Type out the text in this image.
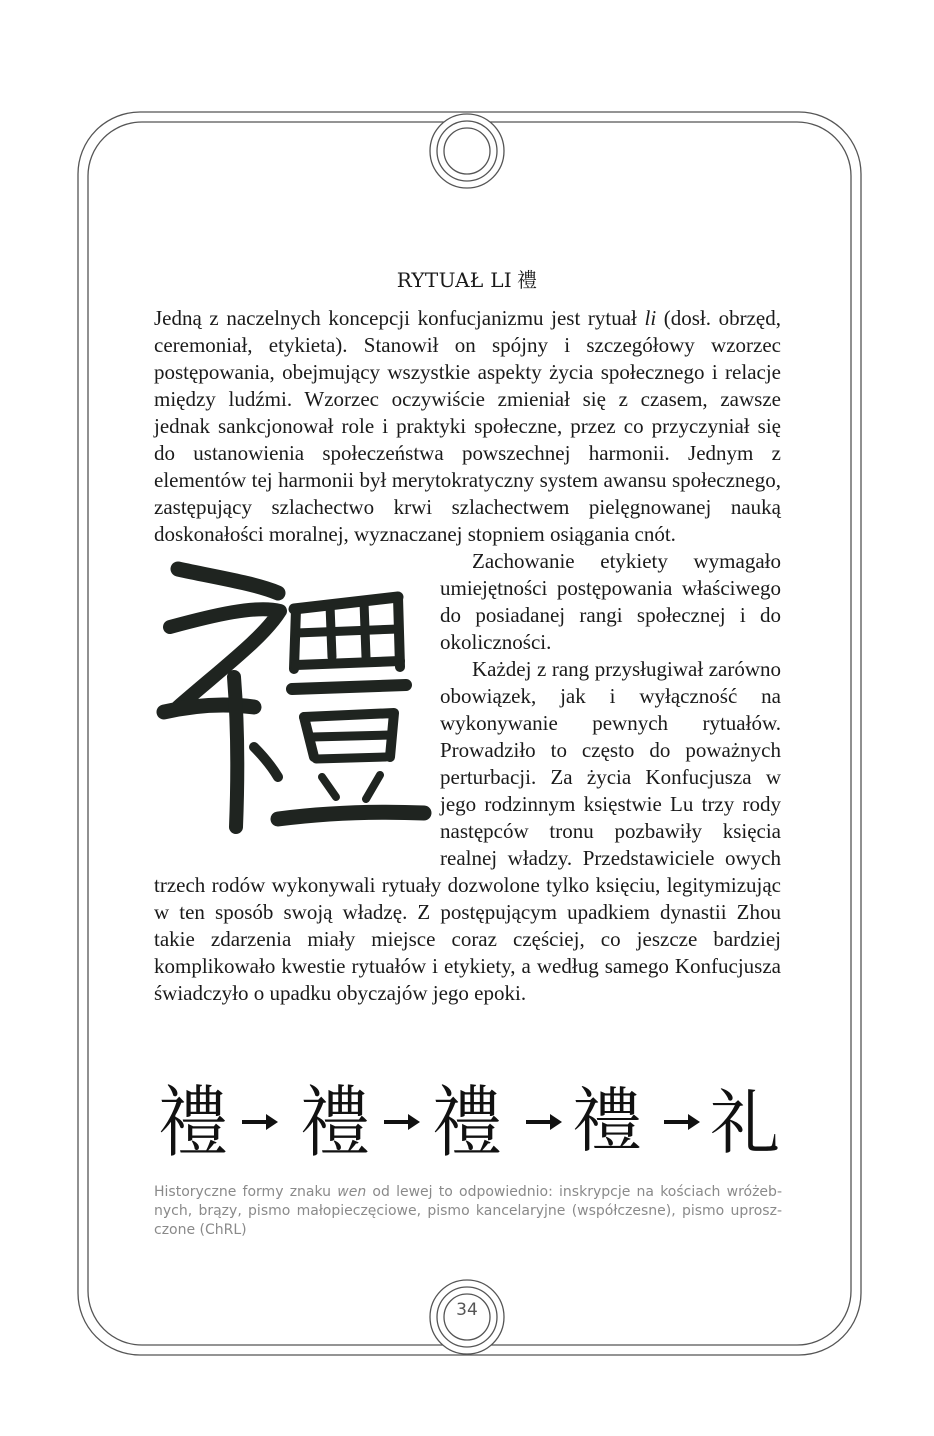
RYTUAŁ LI 禮

Jedną z naczelnych koncepcji konfucjanizmu jest rytuał li (dosł. obrzęd, ceremoniał, etykieta). Stanowił on spójny i szczegółowy wzorzec postępowania, obejmujący wszystkie aspekty życia społecznego i relacje między ludźmi. Wzorzec oczywiście zmieniał się z czasem, zawsze jednak sankcjonował role i praktyki społeczne, przez co przyczyniał się do ustanowienia społeczeństwa powszechnej harmonii. Jednym z elementów tej harmonii był merytokratyczny system awansu społecznego, zastępujący szlachectwo krwi szlachectwem pielęgnowanej nauką doskonałości moralnej, wyznaczanej stopniem osiągania cnót.

Zachowanie etykiety wymagało umiejętności postępowania właściwego do posiadanej rangi społecznej i do okoliczności.

Każdej z rang przysługiwał zarówno obowiązek, jak i wyłączność na wykonywanie pewnych rytuałów. Prowadziło to często do poważnych perturbacji. Za życia Konfucjusza w jego rodzinnym księstwie Lu trzy rody następców tronu pozbawiły księcia realnej władzy. Przedstawiciele owych trzech rodów wykonywali rytuały dozwolone tylko księciu, legitymizując w ten sposób swoją władzę. Z postępującym upadkiem dynastii Zhou takie zdarzenia miały miejsce coraz częściej, co jeszcze bardziej komplikowało kwestie rytuałów i etykiety, a według samego Konfucjusza świadczyło o upadku obyczajów jego epoki.

禮 禮 禮 禮 礼
Historyczne formy znaku wen od lewej to odpowiednio: inskrypcje na kościach wróżebnych, brązy, pismo małopieczęciowe, pismo kancelaryjne (współczesne), pismo uproszczone (ChRL)
34
